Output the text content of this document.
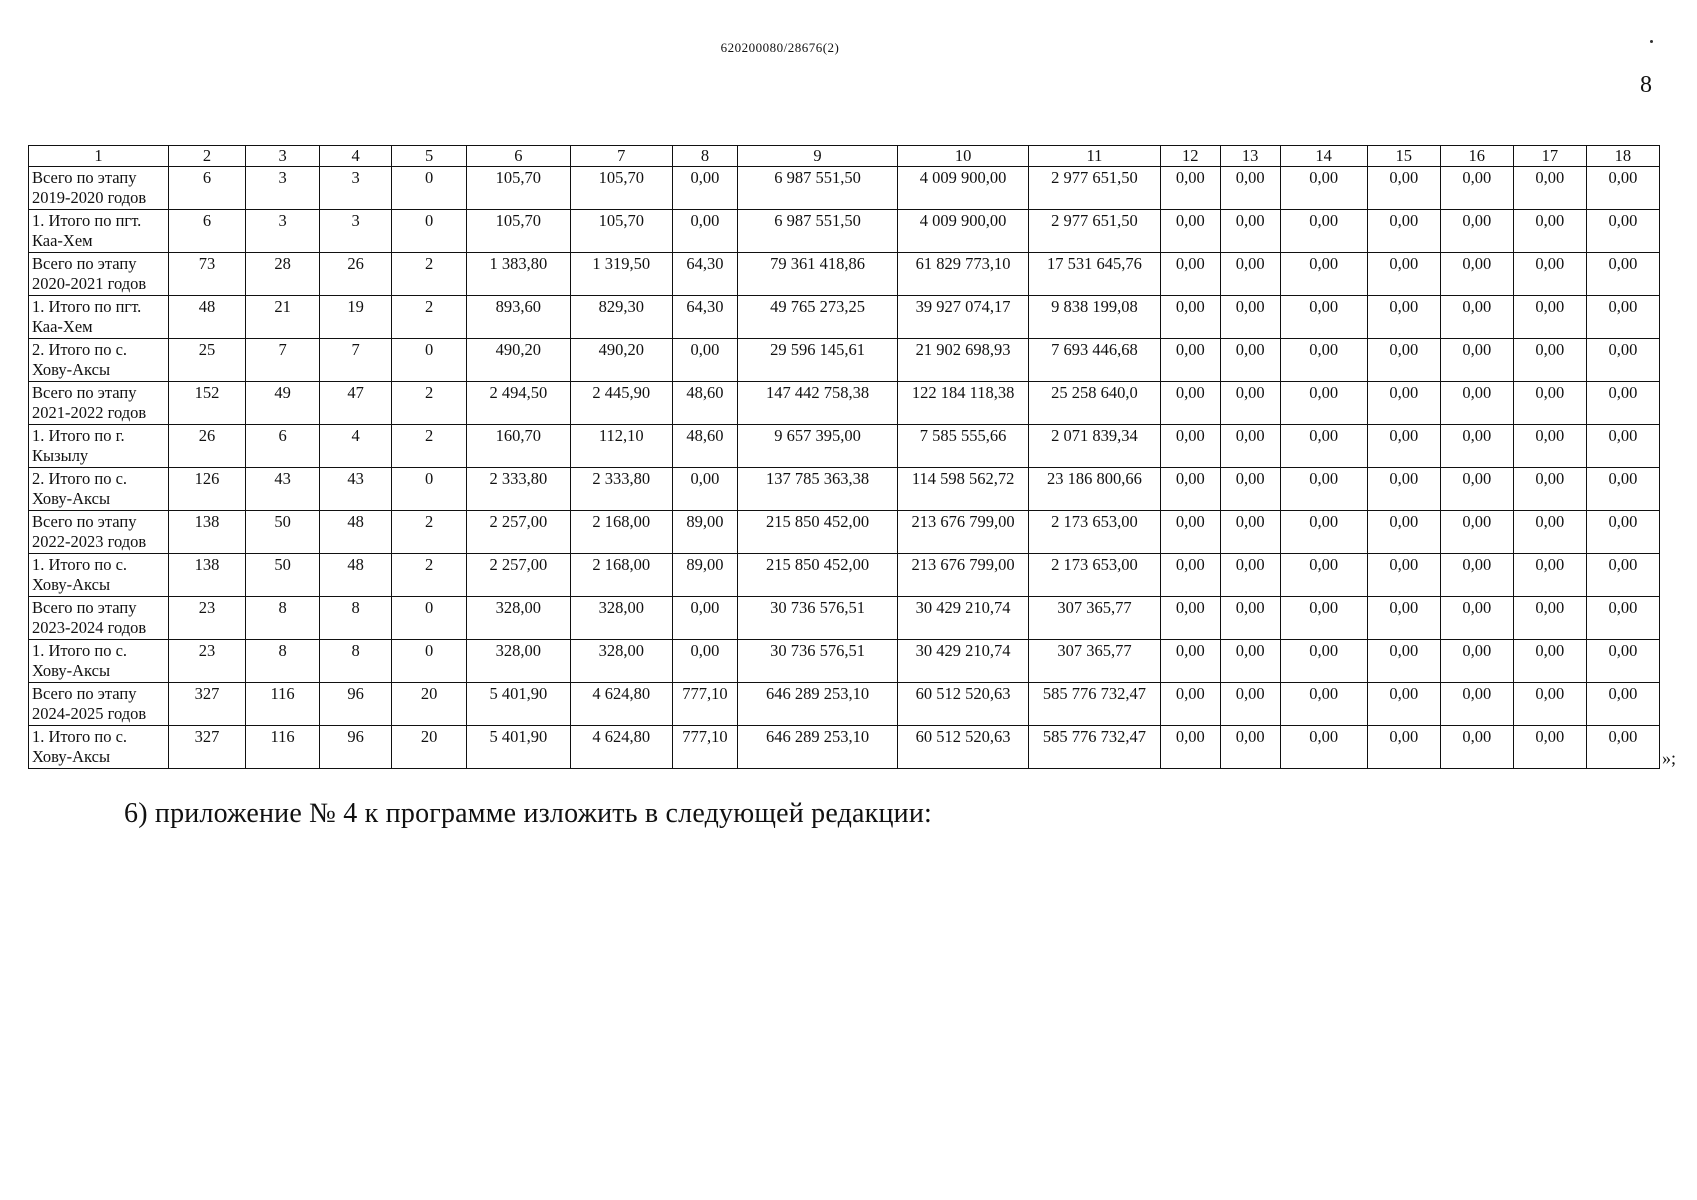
620200080/28676(2)
8
1	2	3	4	5	6	7	8	9	10	11	12	13	14	15	16	17	18
Всего по этапу 2019-2020 годов	6	3	3	0	105,70	105,70	0,00	6 987 551,50	4 009 900,00	2 977 651,50	0,00	0,00	0,00	0,00	0,00	0,00	0,00
1. Итого по пгт. Каа-Хем	6	3	3	0	105,70	105,70	0,00	6 987 551,50	4 009 900,00	2 977 651,50	0,00	0,00	0,00	0,00	0,00	0,00	0,00
Всего по этапу 2020-2021 годов	73	28	26	2	1 383,80	1 319,50	64,30	79 361 418,86	61 829 773,10	17 531 645,76	0,00	0,00	0,00	0,00	0,00	0,00	0,00
1. Итого по пгт. Каа-Хем	48	21	19	2	893,60	829,30	64,30	49 765 273,25	39 927 074,17	9 838 199,08	0,00	0,00	0,00	0,00	0,00	0,00	0,00
2. Итого по с. Хову-Аксы	25	7	7	0	490,20	490,20	0,00	29 596 145,61	21 902 698,93	7 693 446,68	0,00	0,00	0,00	0,00	0,00	0,00	0,00
Всего по этапу 2021-2022 годов	152	49	47	2	2 494,50	2 445,90	48,60	147 442 758,38	122 184 118,38	25 258 640,0	0,00	0,00	0,00	0,00	0,00	0,00	0,00
1. Итого по г. Кызылу	26	6	4	2	160,70	112,10	48,60	9 657 395,00	7 585 555,66	2 071 839,34	0,00	0,00	0,00	0,00	0,00	0,00	0,00
2. Итого по с. Хову-Аксы	126	43	43	0	2 333,80	2 333,80	0,00	137 785 363,38	114 598 562,72	23 186 800,66	0,00	0,00	0,00	0,00	0,00	0,00	0,00
Всего по этапу 2022-2023 годов	138	50	48	2	2 257,00	2 168,00	89,00	215 850 452,00	213 676 799,00	2 173 653,00	0,00	0,00	0,00	0,00	0,00	0,00	0,00
1. Итого по с. Хову-Аксы	138	50	48	2	2 257,00	2 168,00	89,00	215 850 452,00	213 676 799,00	2 173 653,00	0,00	0,00	0,00	0,00	0,00	0,00	0,00
Всего по этапу 2023-2024 годов	23	8	8	0	328,00	328,00	0,00	30 736 576,51	30 429 210,74	307 365,77	0,00	0,00	0,00	0,00	0,00	0,00	0,00
1. Итого по с. Хову-Аксы	23	8	8	0	328,00	328,00	0,00	30 736 576,51	30 429 210,74	307 365,77	0,00	0,00	0,00	0,00	0,00	0,00	0,00
Всего по этапу 2024-2025 годов	327	116	96	20	5 401,90	4 624,80	777,10	646 289 253,10	60 512 520,63	585 776 732,47	0,00	0,00	0,00	0,00	0,00	0,00	0,00
1. Итого по с. Хову-Аксы	327	116	96	20	5 401,90	4 624,80	777,10	646 289 253,10	60 512 520,63	585 776 732,47	0,00	0,00	0,00	0,00	0,00	0,00	0,00
»;
6) приложение № 4 к программе изложить в следующей редакции:
